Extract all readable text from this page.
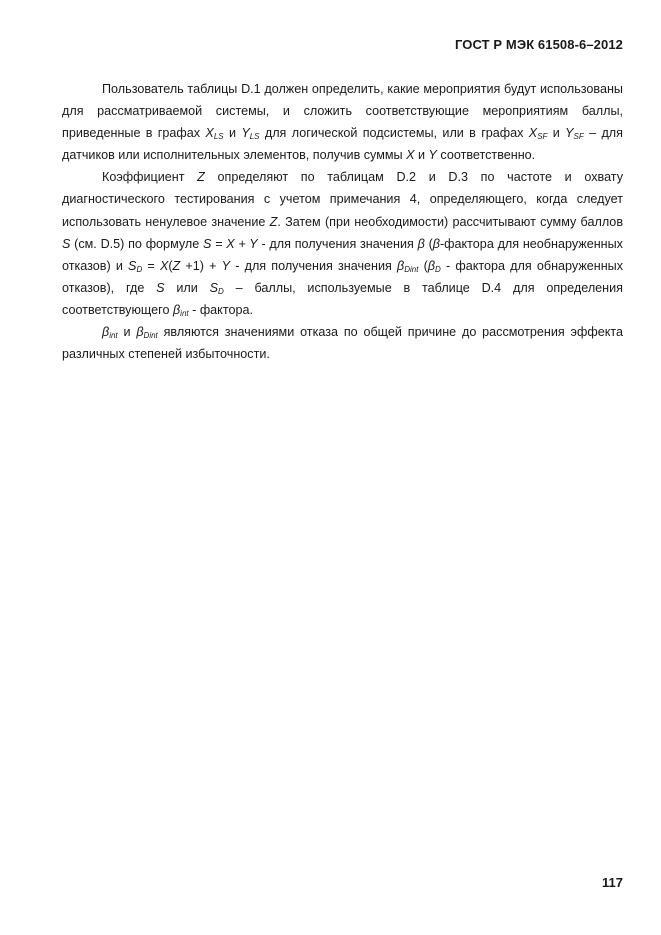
ГОСТ Р МЭК 61508-6–2012

Пользователь таблицы D.1 должен определить, какие мероприятия будут использованы для рассматриваемой системы, и сложить соответствующие мероприятиям баллы, приведенные в графах $X_{LS}$ и $Y_{LS}$ для логической подсистемы, или в графах $X_{SF}$ и $Y_{SF}$ – для датчиков или исполнительных элементов, получив суммы X и Y соответственно.

Коэффициент Z определяют по таблицам D.2 и D.3 по частоте и охвату диагностического тестирования с учетом примечания 4, определяющего, когда следует использовать ненулевое значение Z. Затем (при необходимости) рассчитывают сумму баллов S (см. D.5) по формуле S = X + Y - для получения значения β (β-фактора для необнаруженных отказов) и $S_D = X(Z +1) + Y$ - для получения значения $\beta_{Dint}$ ($\beta_D$ - фактора для обнаруженных отказов), где S или $S_D$ – баллы, используемые в таблице D.4 для определения соответствующего $\beta_{int}$ - фактора.

$\beta_{int}$ и $\beta_{Dint}$ являются значениями отказа по общей причине до рассмотрения эффекта различных степеней избыточности.

117
